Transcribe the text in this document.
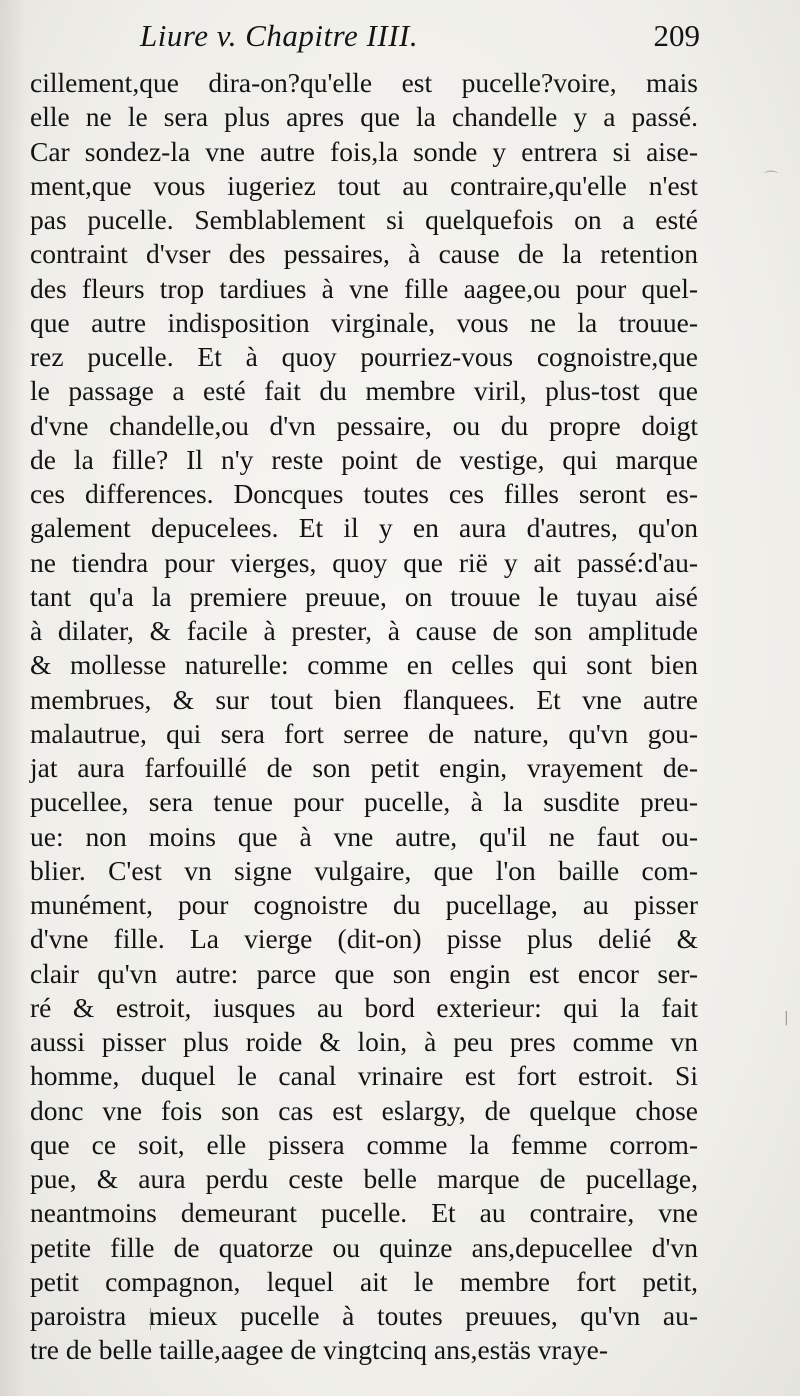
Liure v. Chapitre IIII.	209
cillement,que dira-on?qu'elle est pucelle?voire, mais
elle ne le sera plus apres que la chandelle y a passé.
Car sondez-la vne autre fois,la sonde y entrera si aise-
ment,que vous iugeriez tout au contraire,qu'elle n'est
pas pucelle. Semblablement si quelquefois on a esté
contraint d'vser des pessaires, à cause de la retention
des fleurs trop tardiues à vne fille aagee,ou pour quel-
que autre indisposition virginale, vous ne la trouue-
rez pucelle. Et à quoy pourriez-vous cognoistre,que
le passage a esté fait du membre viril, plus-tost que
d'vne chandelle,ou d'vn pessaire, ou du propre doigt
de la fille? Il n'y reste point de vestige, qui marque
ces differences. Doncques toutes ces filles seront es-
galement depucelees. Et il y en aura d'autres, qu'on
ne tiendra pour vierges, quoy que rië y ait passé:d'au-
tant qu'a la premiere preuue, on trouue le tuyau aisé
à dilater, & facile à prester, à cause de son amplitude
& mollesse naturelle: comme en celles qui sont bien
membrues, & sur tout bien flanquees. Et vne autre
malautrue, qui sera fort serree de nature, qu'vn gou-
jat aura farfouillé de son petit engin, vrayement de-
pucellee, sera tenue pour pucelle, à la susdite preu-
ue: non moins que à vne autre, qu'il ne faut ou-
blier. C'est vn signe vulgaire, que l'on baille com-
munément, pour cognoistre du pucellage, au pisser
d'vne fille. La vierge (dit-on) pisse plus delié &
clair qu'vn autre: parce que son engin est encor ser-
ré & estroit, iusques au bord exterieur: qui la fait
aussi pisser plus roide & loin, à peu pres comme vn
homme, duquel le canal vrinaire est fort estroit. Si
donc vne fois son cas est eslargy, de quelque chose
que ce soit, elle pissera comme la femme corrom-
pue, & aura perdu ceste belle marque de pucellage,
neantmoins demeurant pucelle. Et au contraire, vne
petite fille de quatorze ou quinze ans,depucellee d'vn
petit compagnon, lequel ait le membre fort petit,
paroistra mieux pucelle à toutes preuues, qu'vn au-
tre de belle taille,aagee de vingtcinq ans,estäs vraye-
⌒
|
